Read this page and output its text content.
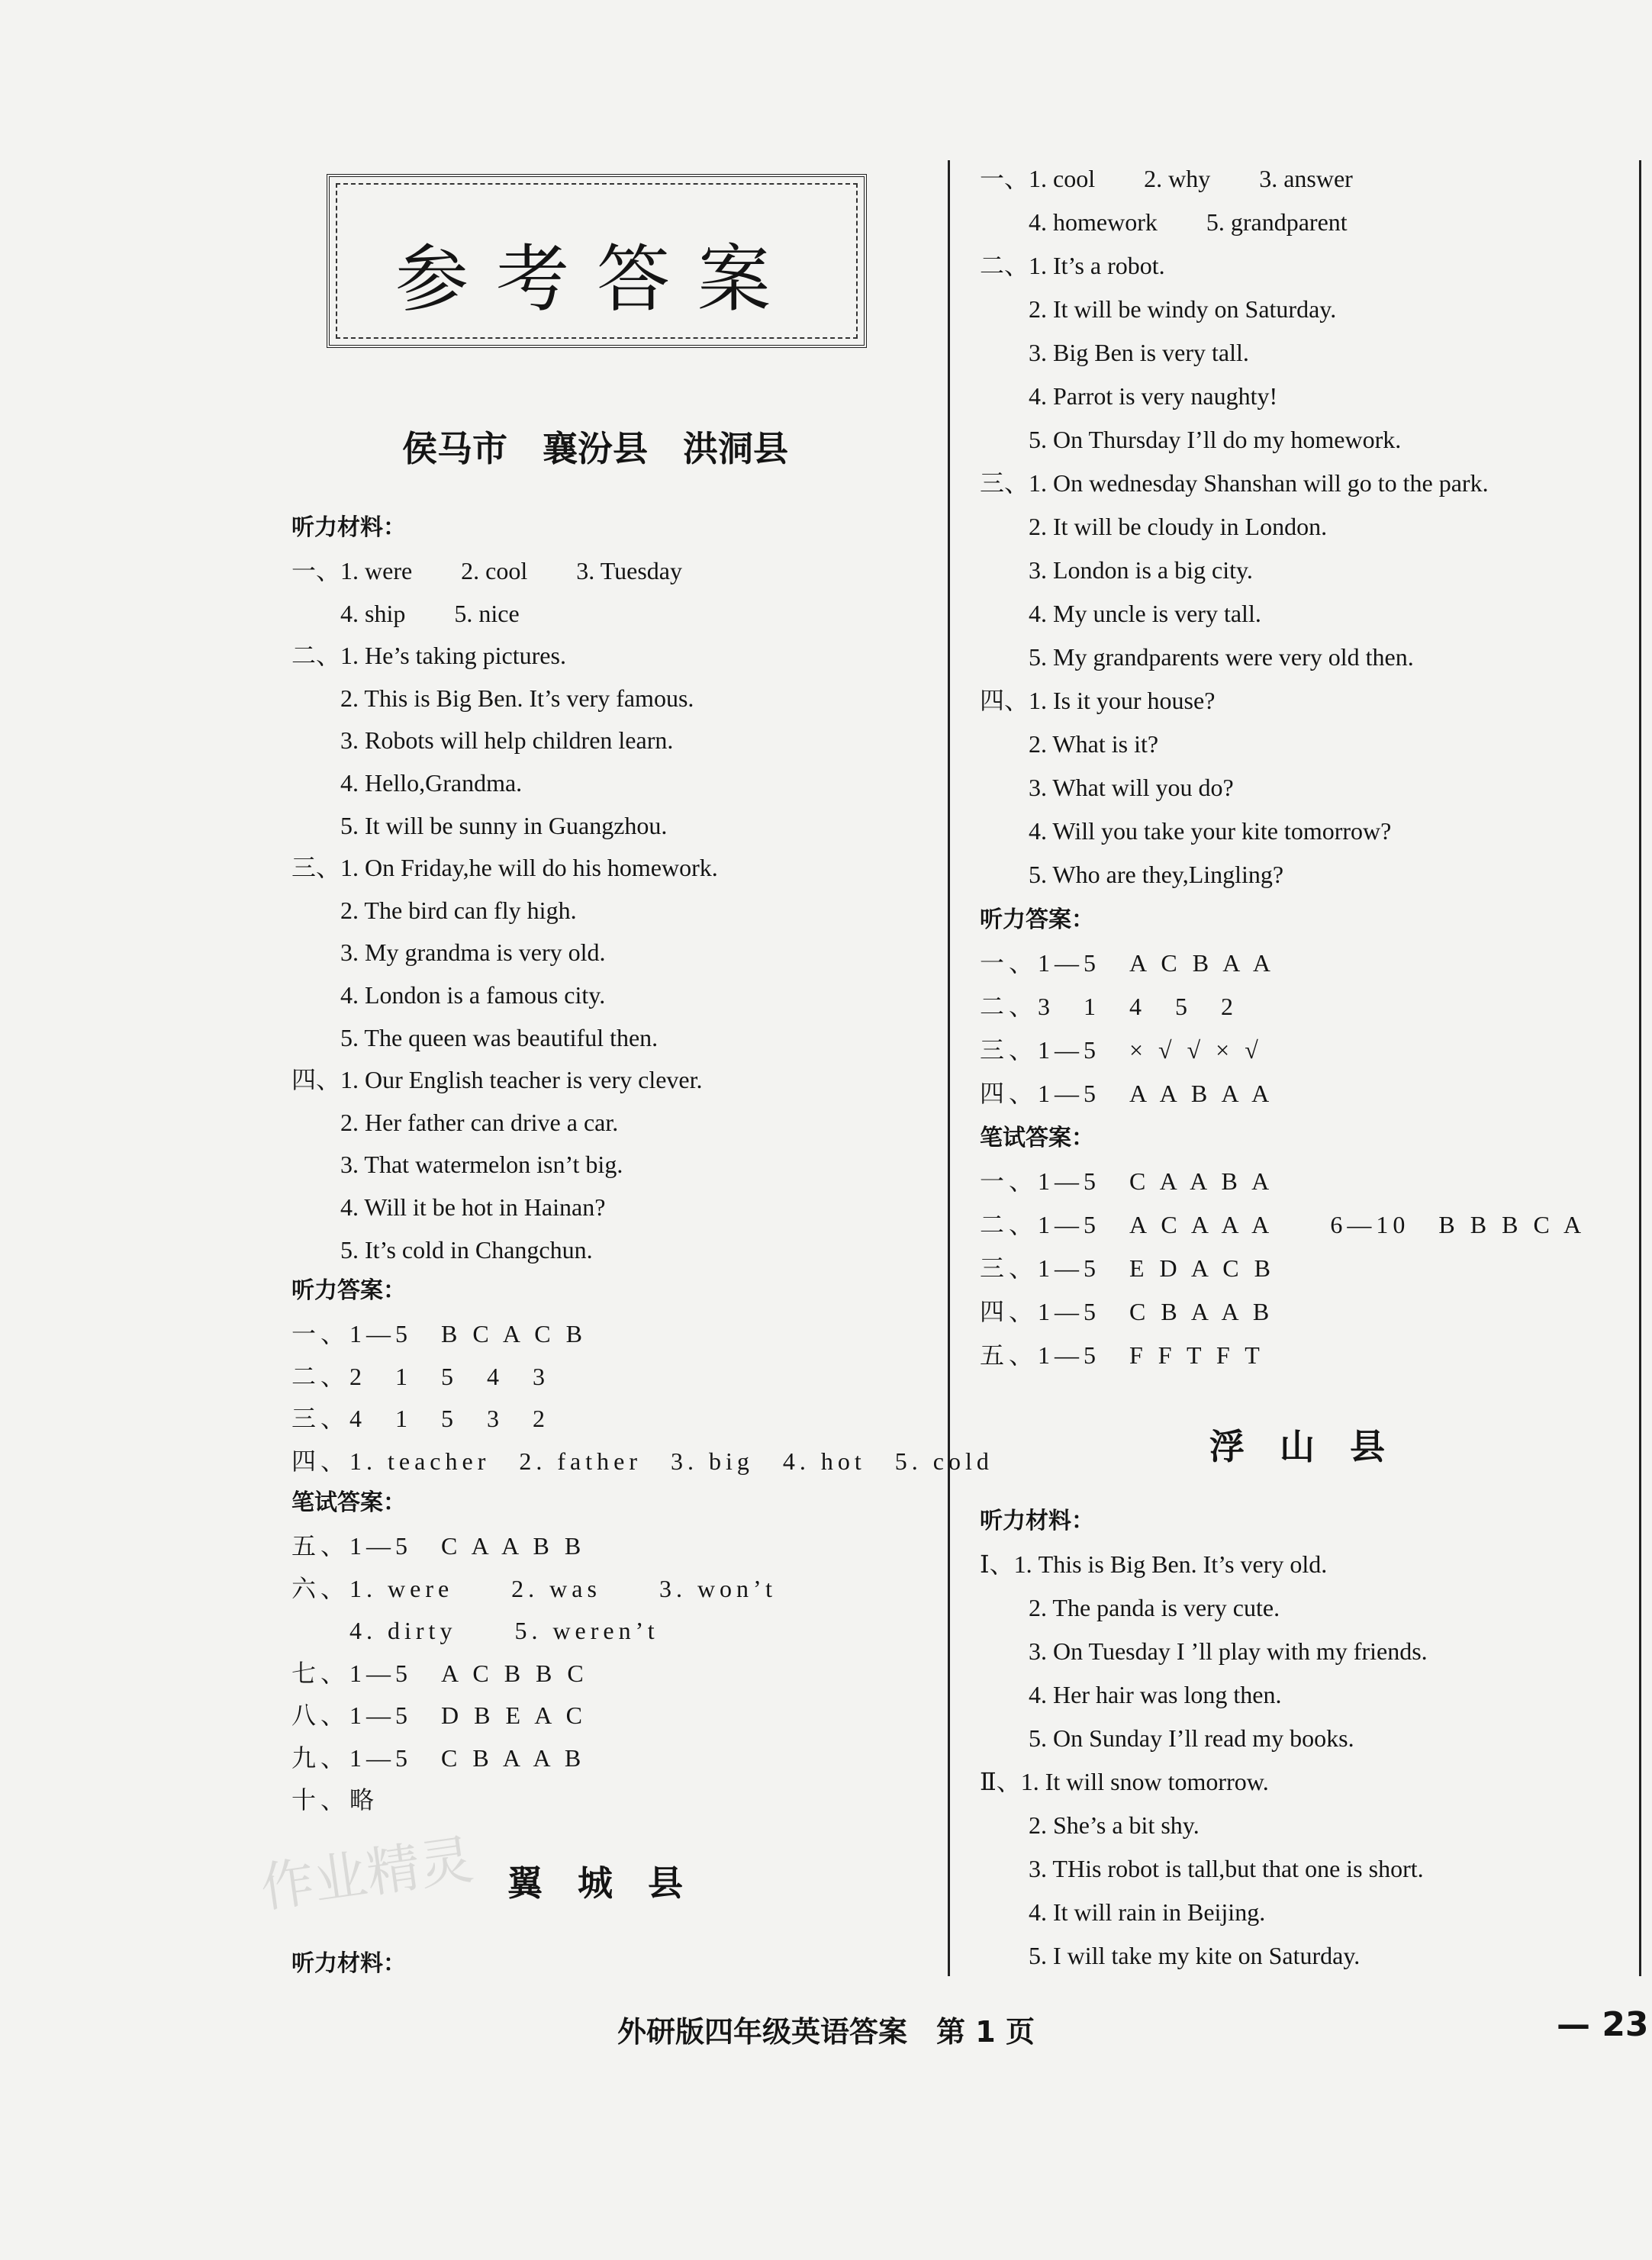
参考答案
作业精灵
侯马市　襄汾县　洪洞县
听力材料：
一、1. were　　2. cool　　3. Tuesday
　　4. ship　　5. nice
二、1. He’s taking pictures.
　　2. This is Big Ben. It’s very famous.
　　3. Robots will help children learn.
　　4. Hello,Grandma.
　　5. It will be sunny in Guangzhou.
三、1. On Friday,he will do his homework.
　　2. The bird can fly high.
　　3. My grandma is very old.
　　4. London is a famous city.
　　5. The queen was beautiful then.
四、1. Our English teacher is very clever.
　　2. Her father can drive a car.
　　3. That watermelon isn’t big.
　　4. Will it be hot in Hainan?
　　5. It’s cold in Changchun.
听力答案：
一、1—5　B C A C B
二、2　1　5　4　3
三、4　1　5　3　2
四、1. teacher　2. father　3. big　4. hot　5. cold
笔试答案：
五、1—5　C A A B B
六、1. were　　2. was　　3. won’t
　　4. dirty　　5. weren’t
七、1—5　A C B B C
八、1—5　D B E A C
九、1—5　C B A A B
十、略
翼　城　县
听力材料：
一、1. cool　　2. why　　3. answer
　　4. homework　　5. grandparent
二、1. It’s a robot.
　　2. It will be windy on Saturday.
　　3. Big Ben is very tall.
　　4. Parrot is very naughty!
　　5. On Thursday I’ll do my homework.
三、1. On wednesday Shanshan will go to the park.
　　2. It will be cloudy in London.
　　3. London is a big city.
　　4. My uncle is very tall.
　　5. My grandparents were very old then.
四、1. Is it your house?
　　2. What is it?
　　3. What will you do?
　　4. Will you take your kite tomorrow?
　　5. Who are they,Lingling?
听力答案：
一、1—5　A C B A A
二、3　1　4　5　2
三、1—5　× √ √ × √
四、1—5　A A B A A
笔试答案：
一、1—5　C A A B A
二、1—5　A C A A A　　6—10　B B B C A
三、1—5　E D A C B
四、1—5　C B A A B
五、1—5　F F T F T
浮　山　县
听力材料：
Ⅰ、1. This is Big Ben. It’s very old.
　　2. The panda is very cute.
　　3. On Tuesday I ’ll play with my friends.
　　4. Her hair was long then.
　　5. On Sunday I’ll read my books.
Ⅱ、1. It will snow tomorrow.
　　2. She’s a bit shy.
　　3. THis robot is tall,but that one is short.
　　4. It will rain in Beijing.
　　5. I will take my kite on Saturday.
外研版四年级英语答案　第 1 页	— 23
